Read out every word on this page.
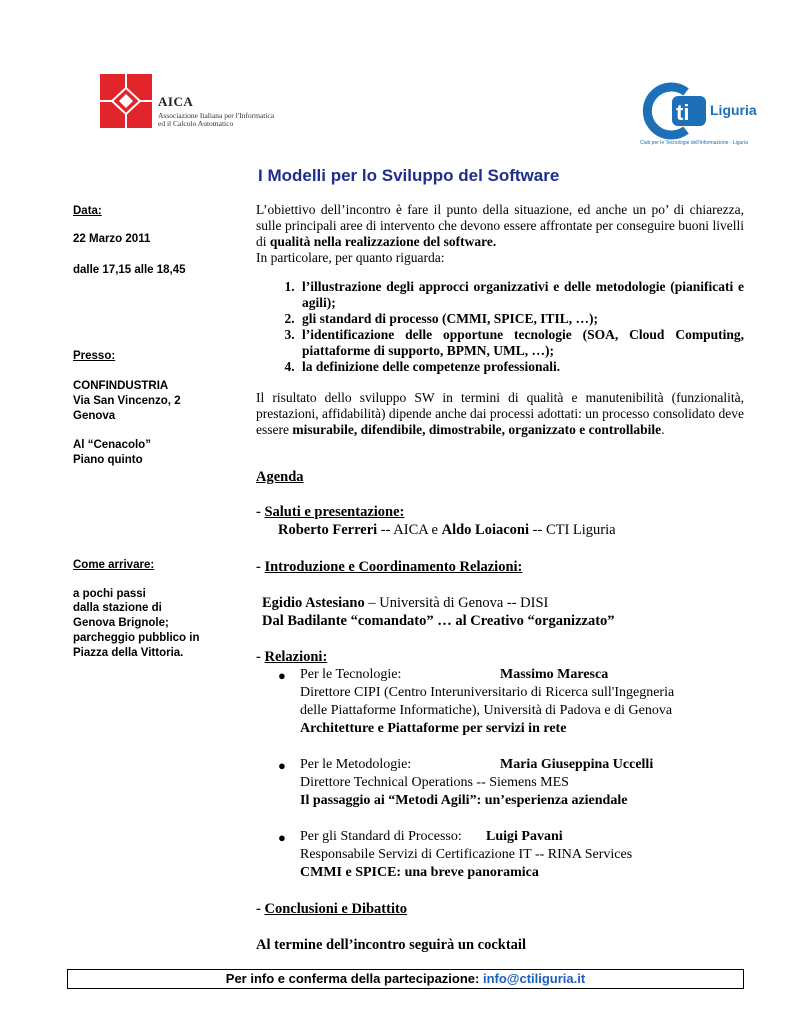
AICA
Associazione Italiana per l'Informatica
ed il Calcolo Automatico	ti Liguria
Club per le Tecnologie dell'Informazione - Liguria
I Modelli per lo Sviluppo del Software
Data:
22 Marzo 2011
dalle 17,15 alle 18,45
Presso:
CONFINDUSTRIA
Via San Vincenzo, 2
Genova
Al “Cenacolo”
Piano quinto
Come arrivare:
a pochi passi
dalla stazione di
Genova Brignole;
parcheggio pubblico in
Piazza della Vittoria.

L’obiettivo dell’incontro è fare il punto della situazione, ed anche un po’ di chiarezza, sulle principali aree di intervento che devono essere affrontate per conseguire buoni livelli di qualità nella realizzazione del software.

In particolare, per quanto riguarda:

1. l’illustrazione degli approcci organizzativi e delle metodologie (pianificati e agili);
2. gli standard di processo (CMMI, SPICE, ITIL, …);
3. l’identificazione delle opportune tecnologie (SOA, Cloud Computing, piattaforme di supporto, BPMN, UML, …);
4. la definizione delle competenze professionali.

Il risultato dello sviluppo SW in termini di qualità e manutenibilità (funzionalità, prestazioni, affidabilità) dipende anche dai processi adottati: un processo consolidato deve essere misurabile, difendibile, dimostrabile, organizzato e controllabile.

Agenda
- Saluti e presentazione:
Roberto Ferreri -- AICA e Aldo Loiaconi -- CTI Liguria
- Introduzione e Coordinamento Relazioni:
Egidio Astesiano – Università di Genova -- DISI
Dal Badilante “comandato” … al Creativo “organizzato”
- Relazioni:
● Per le Tecnologie:	Massimo Maresca
Direttore CIPI (Centro Interuniversitario di Ricerca sull'Ingegneria
delle Piattaforme Informatiche), Università di Padova e di Genova
Architetture e Piattaforme per servizi in rete
● Per le Metodologie:	Maria Giuseppina Uccelli
Direttore Technical Operations -- Siemens MES
Il passaggio ai “Metodi Agili”: un’esperienza aziendale
● Per gli Standard di Processo: Luigi Pavani
Responsabile Servizi di Certificazione IT -- RINA Services
CMMI e SPICE: una breve panoramica
- Conclusioni e Dibattito
Al termine dell’incontro seguirà un cocktail
Per info e conferma della partecipazione: info@ctiliguria.it
